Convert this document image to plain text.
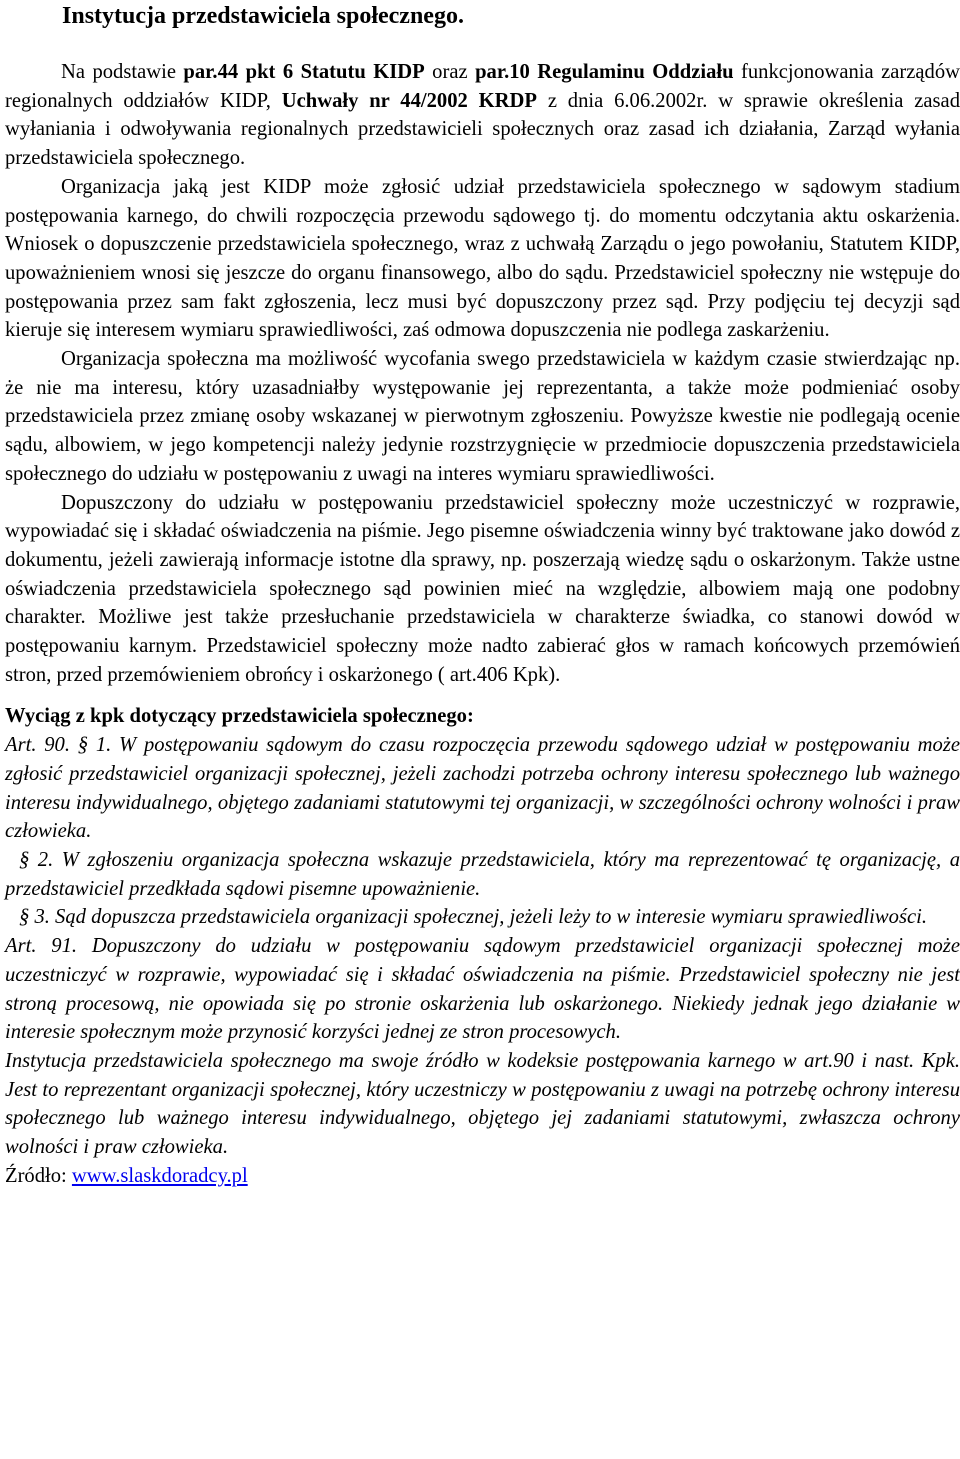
Instytucja przedstawiciela społecznego.

Na podstawie par.44 pkt 6 Statutu KIDP oraz par.10 Regulaminu Oddziału funkcjonowania zarządów regionalnych oddziałów KIDP, Uchwały nr 44/2002 KRDP z dnia 6.06.2002r. w sprawie określenia zasad wyłaniania i odwoływania regionalnych przedstawicieli społecznych oraz zasad ich działania, Zarząd wyłania przedstawiciela społecznego.

Organizacja jaką jest KIDP może zgłosić udział przedstawiciela społecznego w sądowym stadium postępowania karnego, do chwili rozpoczęcia przewodu sądowego tj. do momentu odczytania aktu oskarżenia. Wniosek o dopuszczenie przedstawiciela społecznego, wraz z uchwałą Zarządu o jego powołaniu, Statutem KIDP, upoważnieniem wnosi się jeszcze do organu finansowego, albo do sądu. Przedstawiciel społeczny nie wstępuje do postępowania przez sam fakt zgłoszenia, lecz musi być dopuszczony przez sąd. Przy podjęciu tej decyzji sąd kieruje się interesem wymiaru sprawiedliwości, zaś odmowa dopuszczenia nie podlega zaskarżeniu.

Organizacja społeczna ma możliwość wycofania swego przedstawiciela w każdym czasie stwierdzając np. że nie ma interesu, który uzasadniałby występowanie jej reprezentanta, a także może podmieniać osoby przedstawiciela przez zmianę osoby wskazanej w pierwotnym zgłoszeniu. Powyższe kwestie nie podlegają ocenie sądu, albowiem, w jego kompetencji należy jedynie rozstrzygnięcie w przedmiocie dopuszczenia przedstawiciela społecznego do udziału w postępowaniu z uwagi na interes wymiaru sprawiedliwości.

Dopuszczony do udziału w postępowaniu przedstawiciel społeczny może uczestniczyć w rozprawie, wypowiadać się i składać oświadczenia na piśmie. Jego pisemne oświadczenia winny być traktowane jako dowód z dokumentu, jeżeli zawierają informacje istotne dla sprawy, np. poszerzają wiedzę sądu o oskarżonym. Także ustne oświadczenia przedstawiciela społecznego sąd powinien mieć na względzie, albowiem mają one podobny charakter. Możliwe jest także przesłuchanie przedstawiciela w charakterze świadka, co stanowi dowód w postępowaniu karnym. Przedstawiciel społeczny może nadto zabierać głos w ramach końcowych przemówień stron, przed przemówieniem obrońcy i oskarżonego ( art.406 Kpk).

Wyciąg z kpk dotyczący przedstawiciela społecznego:

Art. 90. § 1. W postępowaniu sądowym do czasu rozpoczęcia przewodu sądowego udział w postępowaniu może zgłosić przedstawiciel organizacji społecznej, jeżeli zachodzi potrzeba ochrony interesu społecznego lub ważnego interesu indywidualnego, objętego zadaniami statutowymi tej organizacji, w szczególności ochrony wolności i praw człowieka.

§ 2. W zgłoszeniu organizacja społeczna wskazuje przedstawiciela, który ma reprezentować tę organizację, a przedstawiciel przedkłada sądowi pisemne upoważnienie.

§ 3. Sąd dopuszcza przedstawiciela organizacji społecznej, jeżeli leży to w interesie wymiaru sprawiedliwości.

Art. 91. Dopuszczony do udziału w postępowaniu sądowym przedstawiciel organizacji społecznej może uczestniczyć w rozprawie, wypowiadać się i składać oświadczenia na piśmie. Przedstawiciel społeczny nie jest stroną procesową, nie opowiada się po stronie oskarżenia lub oskarżonego. Niekiedy jednak jego działanie w interesie społecznym może przynosić korzyści jednej ze stron procesowych.

Instytucja przedstawiciela społecznego ma swoje źródło w kodeksie postępowania karnego w art.90 i nast. Kpk. Jest to reprezentant organizacji społecznej, który uczestniczy w postępowaniu z uwagi na potrzebę ochrony interesu społecznego lub ważnego interesu indywidualnego, objętego jej zadaniami statutowymi, zwłaszcza ochrony wolności i praw człowieka.

Źródło: www.slaskdoradcy.pl
